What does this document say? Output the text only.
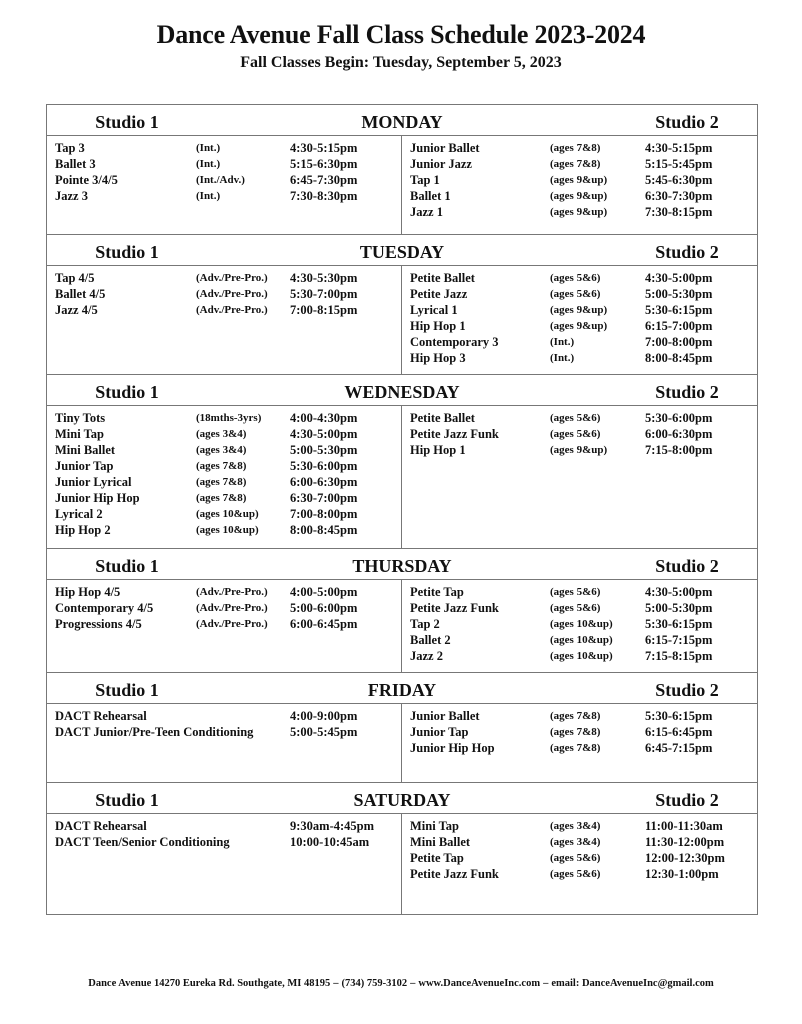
Dance Avenue Fall Class Schedule 2023-2024
Fall Classes Begin: Tuesday, September 5, 2023
MONDAY
Studio 1	Studio 2
Tap 3	(Int.)	4:30-5:15pm
Ballet 3	(Int.)	5:15-6:30pm
Pointe 3/4/5	(Int./Adv.)	6:45-7:30pm
Jazz 3	(Int.)	7:30-8:30pm
Junior Ballet	(ages 7&8)	4:30-5:15pm
Junior Jazz	(ages 7&8)	5:15-5:45pm
Tap 1	(ages 9&up)	5:45-6:30pm
Ballet 1	(ages 9&up)	6:30-7:30pm
Jazz 1	(ages 9&up)	7:30-8:15pm
TUESDAY
Studio 1	Studio 2
Tap 4/5	(Adv./Pre-Pro.) 4:30-5:30pm
Ballet 4/5	(Adv./Pre-Pro.) 5:30-7:00pm
Jazz 4/5	(Adv./Pre-Pro.) 7:00-8:15pm
Petite Ballet	(ages 5&6)	4:30-5:00pm
Petite Jazz	(ages 5&6)	5:00-5:30pm
Lyrical 1	(ages 9&up)	5:30-6:15pm
Hip Hop 1	(ages 9&up)	6:15-7:00pm
Contemporary 3	(Int.)	7:00-8:00pm
Hip Hop 3	(Int.)	8:00-8:45pm
WEDNESDAY
Studio 1	Studio 2
Tiny Tots	(18mths-3yrs) 4:00-4:30pm
Mini Tap	(ages 3&4)	4:30-5:00pm
Mini Ballet	(ages 3&4)	5:00-5:30pm
Junior Tap	(ages 7&8)	5:30-6:00pm
Junior Lyrical	(ages 7&8)	6:00-6:30pm
Junior Hip Hop	(ages 7&8)	6:30-7:00pm
Lyrical 2	(ages 10&up)	7:00-8:00pm
Hip Hop 2	(ages 10&up)	8:00-8:45pm
Petite Ballet	(ages 5&6)	5:30-6:00pm
Petite Jazz Funk	(ages 5&6)	6:00-6:30pm
Hip Hop 1	(ages 9&up)	7:15-8:00pm
THURSDAY
Studio 1	Studio 2
Hip Hop 4/5	(Adv./Pre-Pro.) 4:00-5:00pm
Contemporary 4/5	(Adv./Pre-Pro.) 5:00-6:00pm
Progressions 4/5	(Adv./Pre-Pro.) 6:00-6:45pm
Petite Tap	(ages 5&6)	4:30-5:00pm
Petite Jazz Funk	(ages 5&6)	5:00-5:30pm
Tap 2	(ages 10&up)	5:30-6:15pm
Ballet 2	(ages 10&up)	6:15-7:15pm
Jazz 2	(ages 10&up)	7:15-8:15pm
FRIDAY
Studio 1	Studio 2
DACT Rehearsal	4:00-9:00pm
DACT Junior/Pre-Teen Conditioning	5:00-5:45pm
Junior Ballet	(ages 7&8)	5:30-6:15pm
Junior Tap	(ages 7&8)	6:15-6:45pm
Junior Hip Hop	(ages 7&8)	6:45-7:15pm
SATURDAY
Studio 1	Studio 2
DACT Rehearsal	9:30am-4:45pm
DACT Teen/Senior Conditioning	10:00-10:45am
Mini Tap	(ages 3&4)	11:00-11:30am
Mini Ballet	(ages 3&4)	11:30-12:00pm
Petite Tap	(ages 5&6)	12:00-12:30pm
Petite Jazz Funk	(ages 5&6)	12:30-1:00pm
Dance Avenue 14270 Eureka Rd. Southgate, MI 48195 – (734) 759-3102 – www.DanceAvenueInc.com – email: DanceAvenueInc@gmail.com
